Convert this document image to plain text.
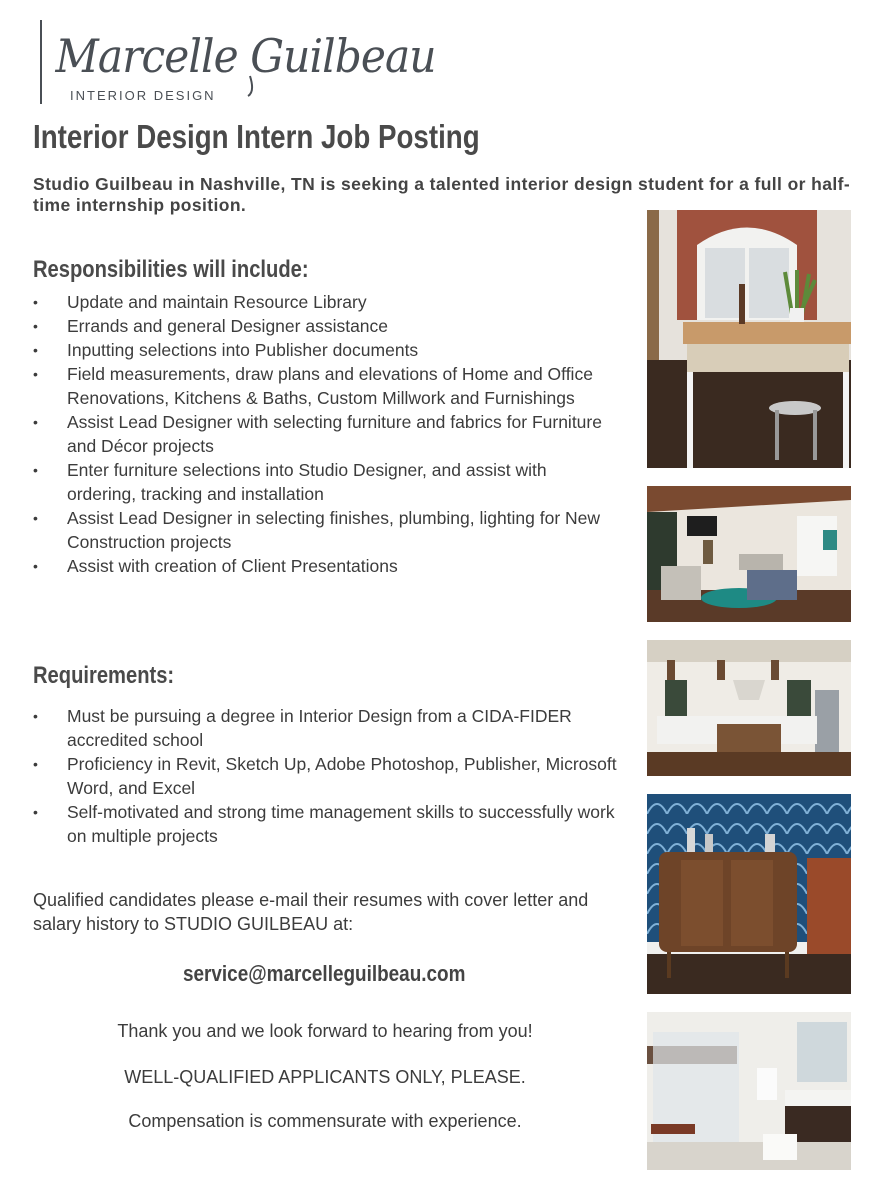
Marcelle Guilbeau
INTERIOR DESIGN
Interior Design Intern Job Posting
Studio Guilbeau in Nashville, TN is seeking a talented interior design student for a full or half-time internship position.
Responsibilities will include:
• Update and maintain Resource Library
• Errands and general Designer assistance
• Inputting selections into Publisher documents
• Field measurements, draw plans and elevations of Home and Office Renovations, Kitchens & Baths, Custom Millwork and Furnishings
• Assist Lead Designer with selecting furniture and fabrics for Furniture and Décor projects
• Enter furniture selections into Studio Designer, and assist with ordering, tracking and installation
• Assist Lead Designer in selecting finishes, plumbing, lighting for New Construction projects
• Assist with creation of Client Presentations
Requirements:
• Must be pursuing a degree in Interior Design from a CIDA-FIDER accredited school
• Proficiency in Revit, Sketch Up, Adobe Photoshop, Publisher, Microsoft Word, and Excel
• Self-motivated and strong time management skills to successfully work on multiple projects
Qualified candidates please e-mail their resumes with cover letter and salary history to STUDIO GUILBEAU at:
service@marcelleguilbeau.com
Thank you and we look forward to hearing from you!
WELL-QUALIFIED APPLICANTS ONLY, PLEASE.
Compensation is commensurate with experience.
